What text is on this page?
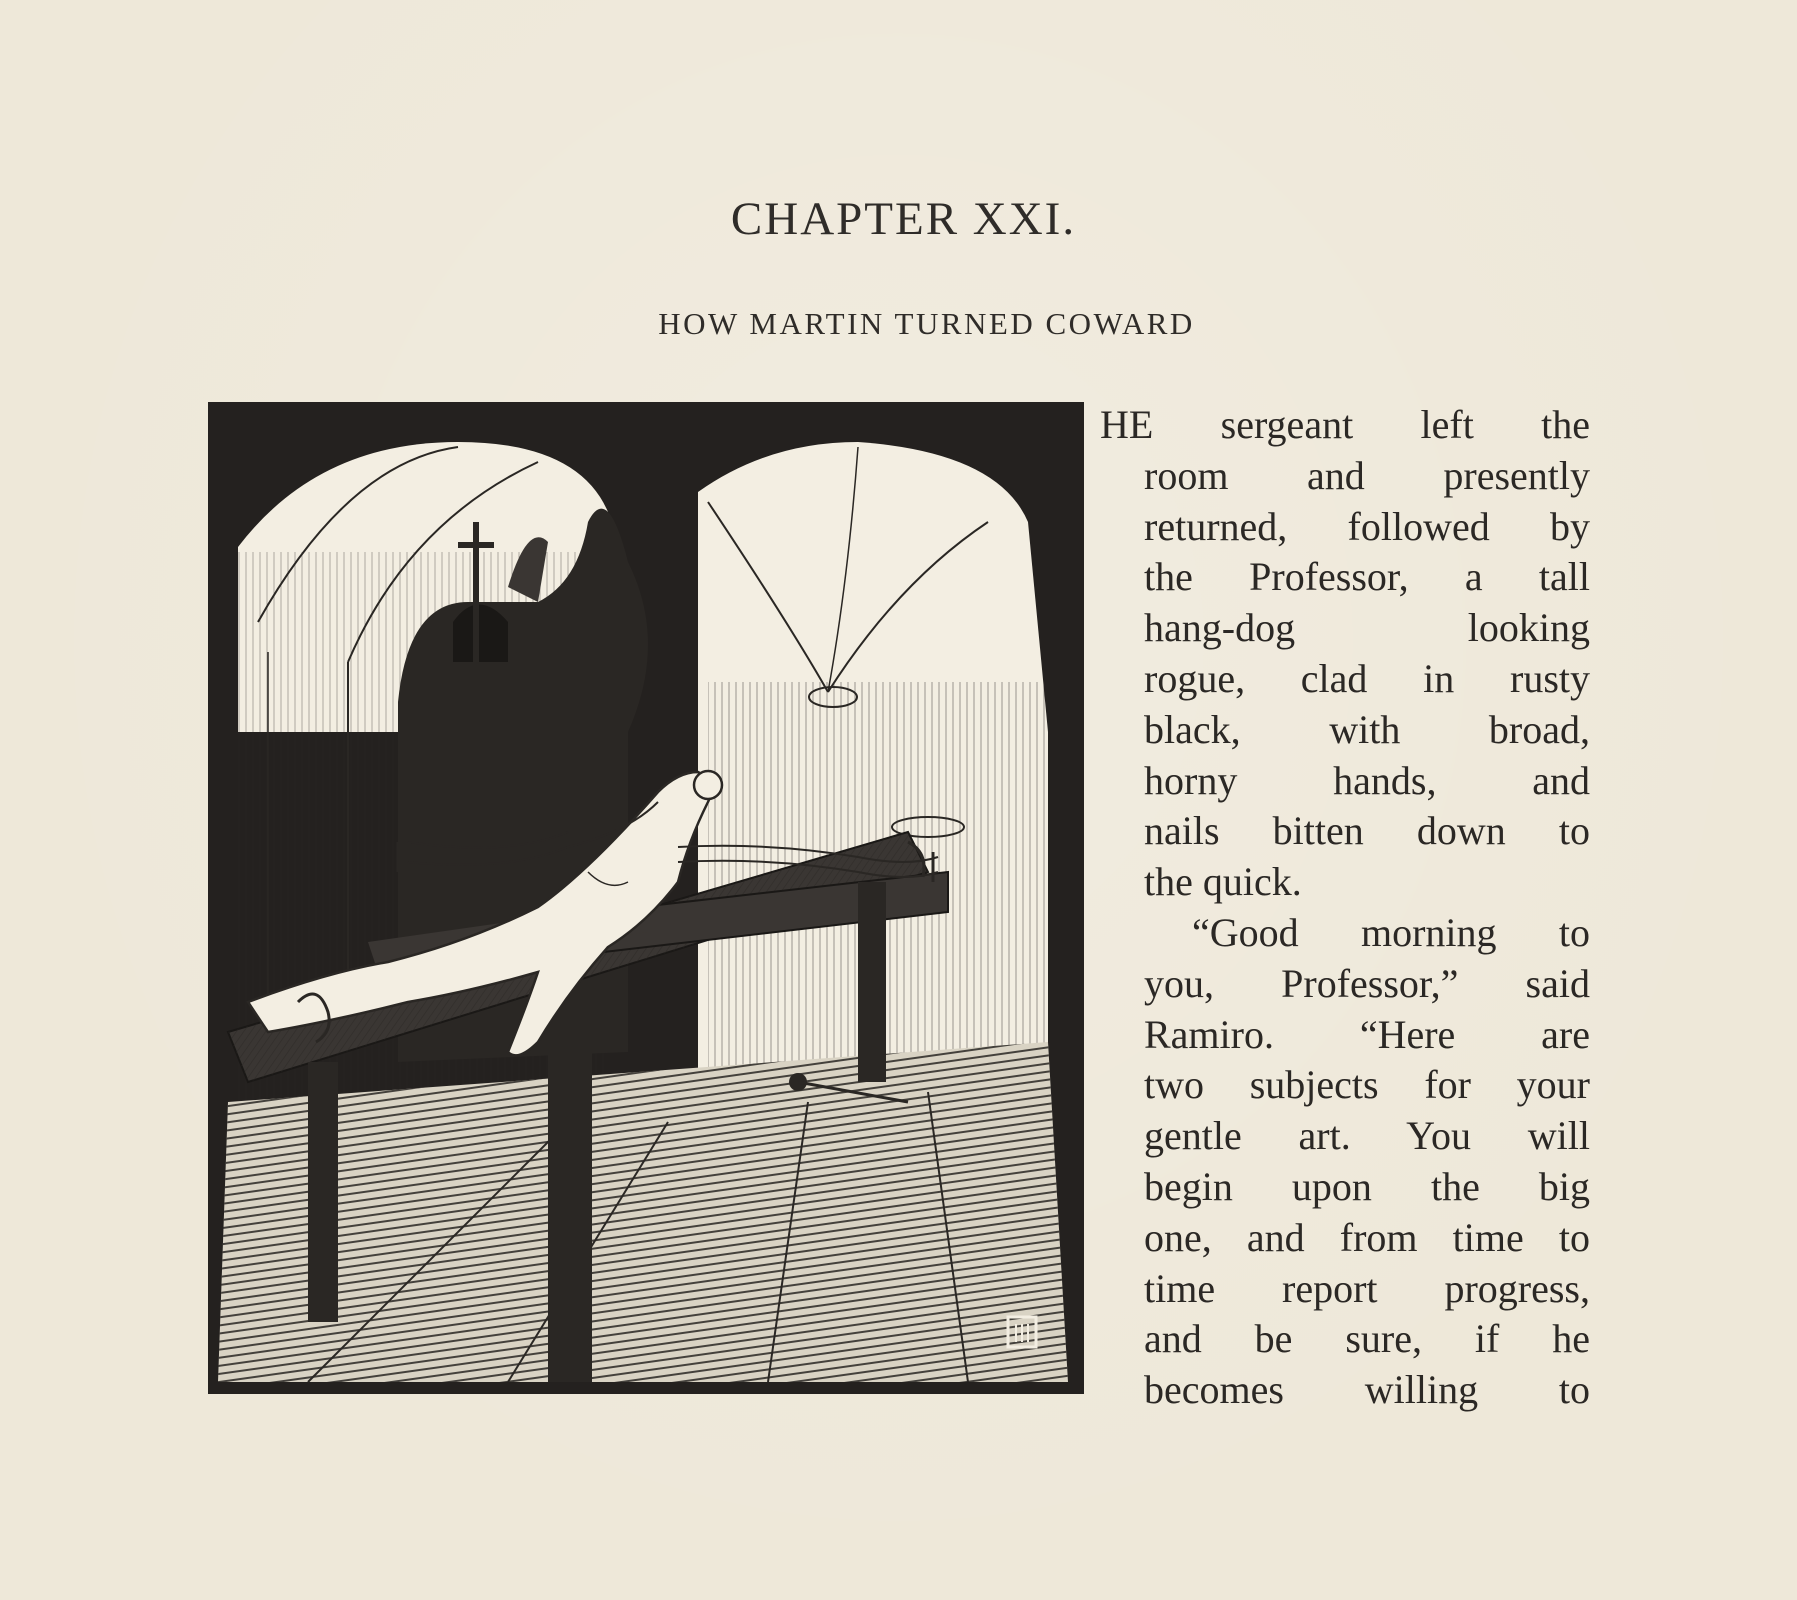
CHAPTER XXI.
HOW MARTIN TURNED COWARD
HE sergeant left the
room and presently
returned, followed by
the Professor, a tall
hang-dog looking
rogue, clad in rusty
black, with broad,
horny hands, and
nails bitten down to
the quick.
“Good morning to
you, Professor,” said
Ramiro. “Here are
two subjects for your
gentle art. You will
begin upon the big
one, and from time to
time report progress,
and be sure, if he
becomes willing to
